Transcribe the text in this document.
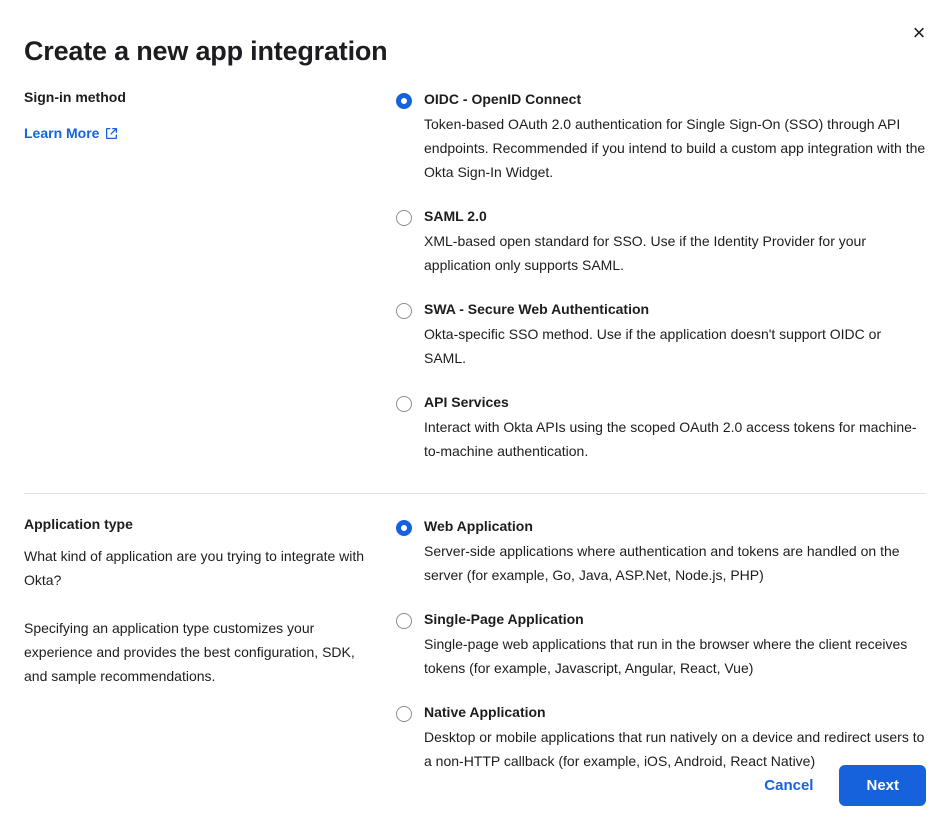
×
Create a new app integration

Sign-in method

Learn More
OIDC - OpenID Connect
Token-based OAuth 2.0 authentication for Single Sign-On (SSO) through API endpoints. Recommended if you intend to build a custom app integration with the Okta Sign-In Widget.
SAML 2.0
XML-based open standard for SSO. Use if the Identity Provider for your application only supports SAML.
SWA - Secure Web Authentication
Okta-specific SSO method. Use if the application doesn't support OIDC or SAML.
API Services
Interact with Okta APIs using the scoped OAuth 2.0 access tokens for machine-to-machine authentication.

Application type

What kind of application are you trying to integrate with Okta?

Specifying an application type customizes your experience and provides the best configuration, SDK, and sample recommendations.

Web Application
Server-side applications where authentication and tokens are handled on the server (for example, Go, Java, ASP.Net, Node.js, PHP)
Single-Page Application
Single-page web applications that run in the browser where the client receives tokens (for example, Javascript, Angular, React, Vue)
Native Application
Desktop or mobile applications that run natively on a device and redirect users to a non-HTTP callback (for example, iOS, Android, React Native)
Cancel	Next
